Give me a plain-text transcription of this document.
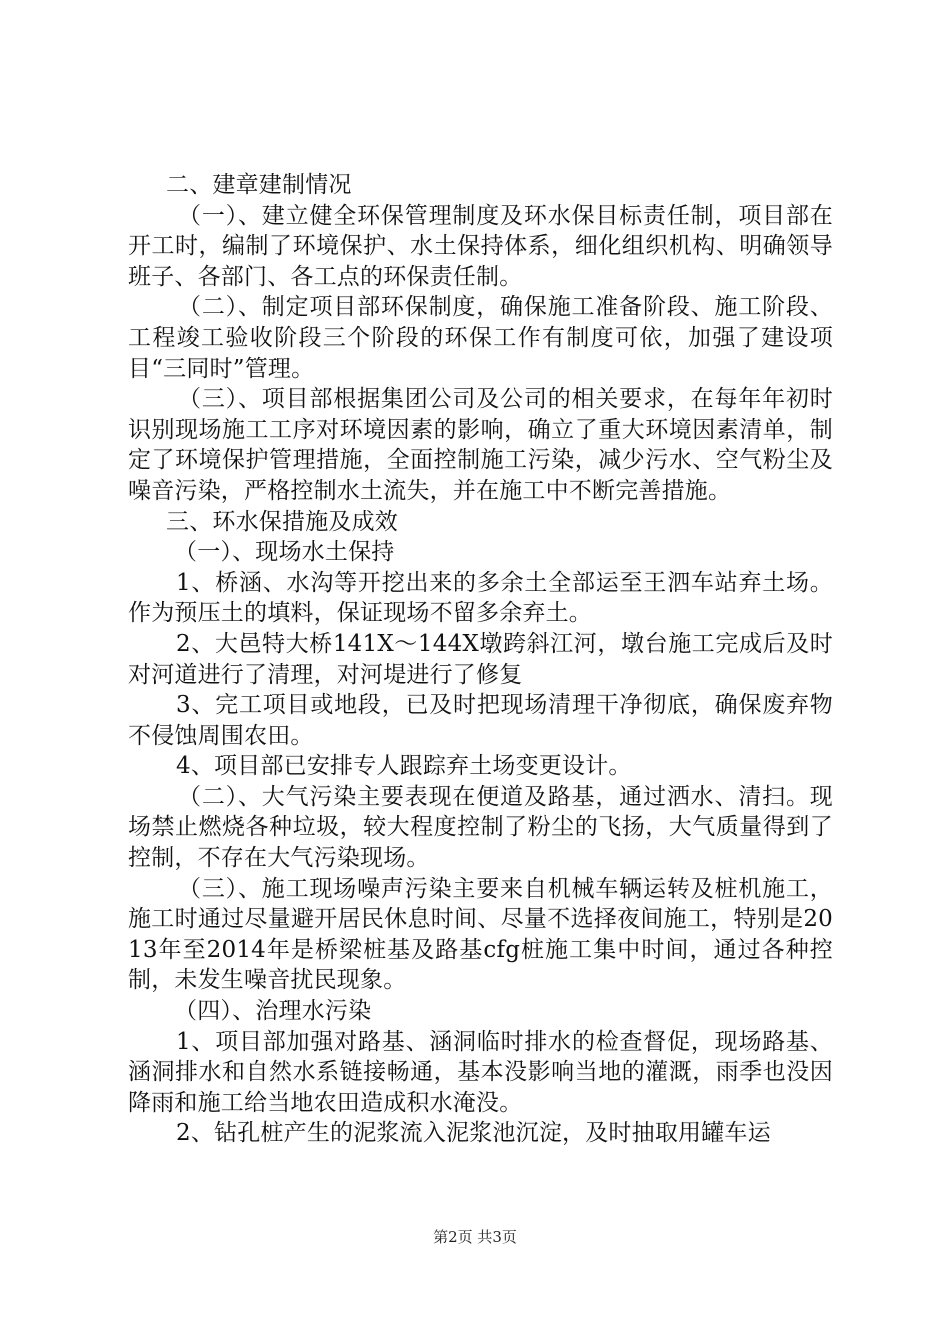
二、建章建制情况

（一）、建立健全环保管理制度及环水保目标责任制，项目部在开工时，编制了环境保护、水土保持体系，细化组织机构、明确领导班子、各部门、各工点的环保责任制。

（二）、制定项目部环保制度，确保施工准备阶段、施工阶段、工程竣工验收阶段三个阶段的环保工作有制度可依，加强了建设项目“三同时”管理。

（三）、项目部根据集团公司及公司的相关要求，在每年年初时识别现场施工工序对环境因素的影响，确立了重大环境因素清单，制定了环境保护管理措施，全面控制施工污染，减少污水、空气粉尘及噪音污染，严格控制水土流失，并在施工中不断完善措施。

三、环水保措施及成效

（一）、现场水土保持

1、桥涵、水沟等开挖出来的多余土全部运至王泗车站弃土场。作为预压土的填料，保证现场不留多余弃土。

2、大邑特大桥141X～144X墩跨斜江河，墩台施工完成后及时对河道进行了清理，对河堤进行了修复

3、完工项目或地段，已及时把现场清理干净彻底，确保废弃物不侵蚀周围农田。

4、项目部已安排专人跟踪弃土场变更设计。

（二）、大气污染主要表现在便道及路基，通过洒水、清扫。现场禁止燃烧各种垃圾，较大程度控制了粉尘的飞扬，大气质量得到了控制，不存在大气污染现场。

（三）、施工现场噪声污染主要来自机械车辆运转及桩机施工，施工时通过尽量避开居民休息时间、尽量不选择夜间施工，特别是2013年至2014年是桥梁桩基及路基cfg桩施工集中时间，通过各种控制，未发生噪音扰民现象。

（四）、治理水污染

1、项目部加强对路基、涵洞临时排水的检查督促，现场路基、涵洞排水和自然水系链接畅通，基本没影响当地的灌溉，雨季也没因降雨和施工给当地农田造成积水淹没。

2、钻孔桩产生的泥浆流入泥浆池沉淀，及时抽取用罐车运

第2页 共3页
